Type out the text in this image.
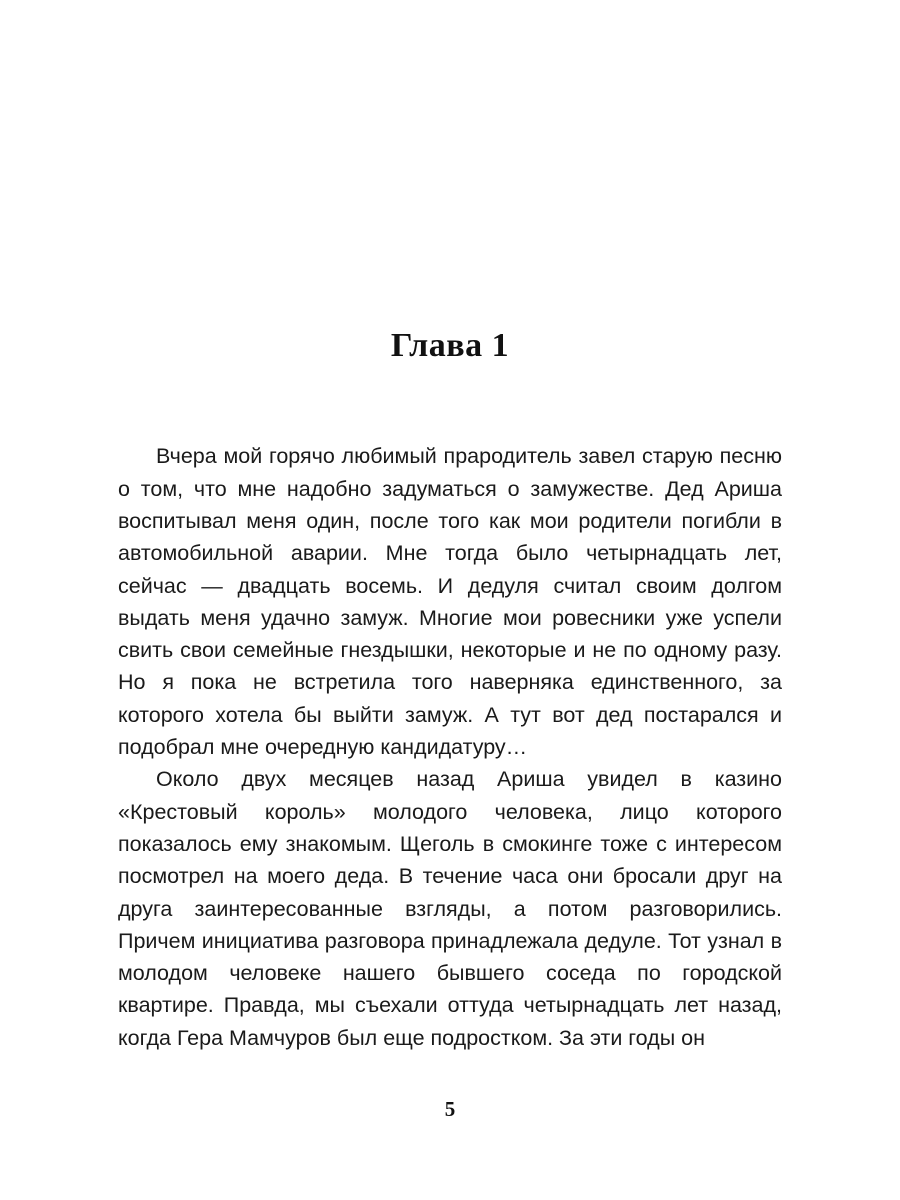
Глава 1

Вчера мой горячо любимый прародитель завел старую песню о том, что мне надобно задуматься о замужестве. Дед Ариша воспитывал меня один, после того как мои родители погибли в автомобильной аварии. Мне тогда было четырнадцать лет, сейчас — двадцать восемь. И дедуля считал своим долгом выдать меня удачно замуж. Многие мои ровесники уже успели свить свои семейные гнездышки, некоторые и не по одному разу. Но я пока не встретила того наверняка единственного, за которого хотела бы выйти замуж. А тут вот дед постарался и подобрал мне очередную кандидатуру…

Около двух месяцев назад Ариша увидел в казино «Крестовый король» молодого человека, лицо которого показалось ему знакомым. Щеголь в смокинге тоже с интересом посмотрел на моего деда. В течение часа они бросали друг на друга заинтересованные взгляды, а потом разговорились. Причем инициатива разговора принадлежала дедуле. Тот узнал в молодом человеке нашего бывшего соседа по городской квартире. Правда, мы съехали оттуда четырнадцать лет назад, когда Гера Мамчуров был еще подростком. За эти годы он

5
